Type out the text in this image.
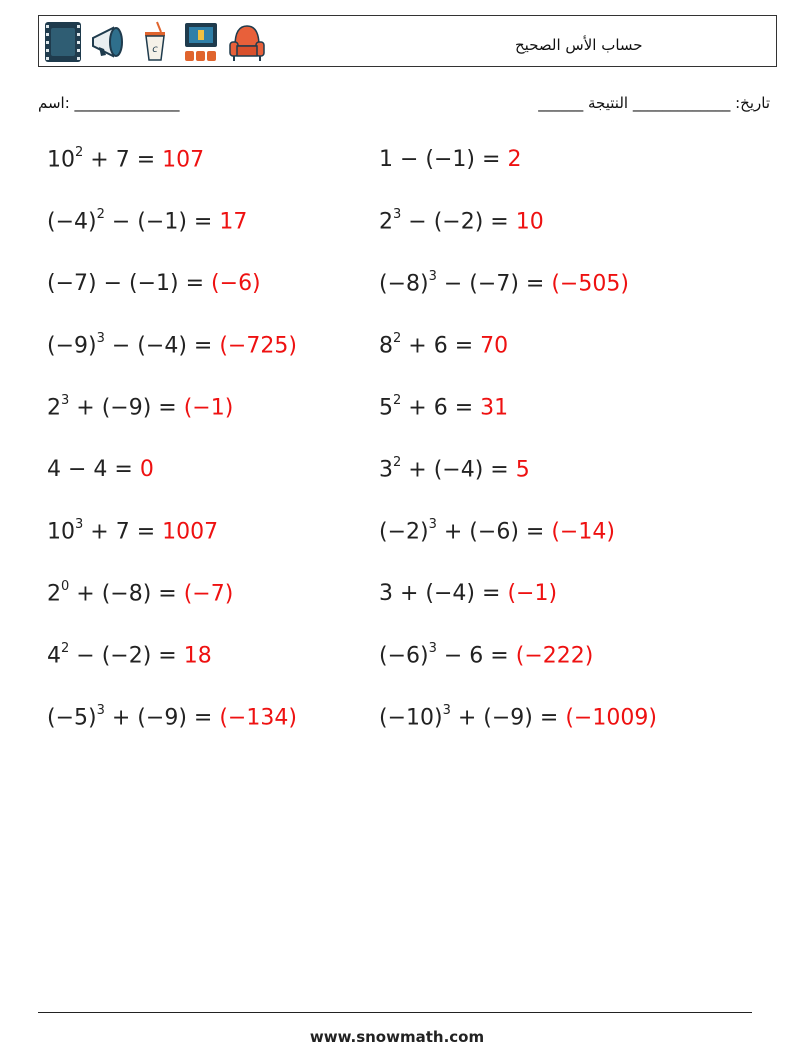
c	حساب الأس الصحيح
اسم: ______________	تاريخ: _____________ النتيجة ______
$10^2 + 7 = 107$	1 − (−1) = 2
$(-4)^2 - (-1) = 17$	$2^3 - (-2) = 10$
(−7) − (−1) = (−6)	$(-8)^3 - (-7) = (-505)$
$(-9)^3 - (-4) = (-725)$	$8^2 + 6 = 70$
$2^3 + (-9) = (-1)$	$5^2 + 6 = 31$
4 − 4 = 0	$3^2 + (-4) = 5$
$10^3 + 7 = 1007$	$(-2)^3 + (-6) = (-14)$
$2^0 + (-8) = (-7)$	3 + (−4) = (−1)
$4^2 - (-2) = 18$	$(-6)^3 - 6 = (-222)$
$(-5)^3 + (-9) = (-134)$	$(-10)^3 + (-9) = (-1009)$
www.snowmath.com
